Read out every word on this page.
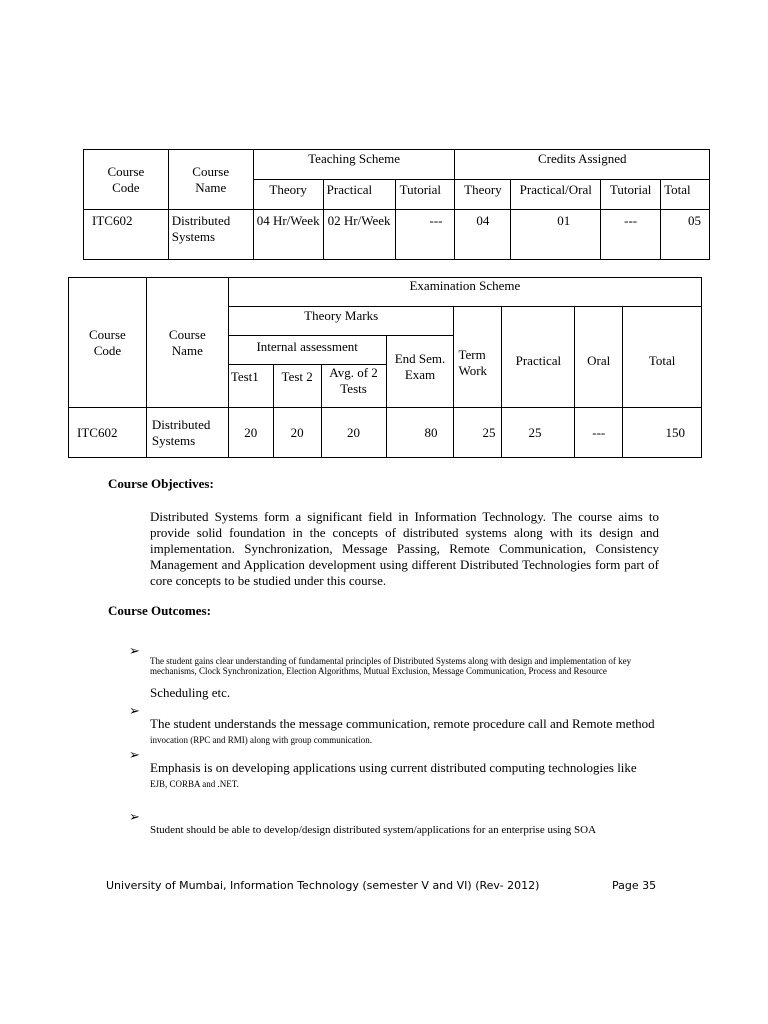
Course Code	Course Name	Teaching Scheme			Credits Assigned			
		Theory	Practical	Tutorial	Theory	Practical/Oral	Tutorial	Total
ITC602	Distributed Systems	04 Hr/Week	02 Hr/Week	---	04	01	---	05
Course Code	Course Name	Examination Scheme							
		Theory Marks				Term Work	Practical	Oral	Total
		Internal assessment			End Sem. Exam				

		Test1	Test 2	Avg. of 2 Tests					

ITC602	Distributed Systems	20	20	20	80	25	25	---	150
Course Objectives:
Distributed Systems form a significant field in Information Technology. The course aims to provide solid foundation in the concepts of distributed systems along with its design and implementation. Synchronization, Message Passing, Remote Communication, Consistency Management and Application development using different Distributed Technologies form part of core concepts to be studied under this course.
Course Outcomes:
➢
The student gains clear understanding of fundamental principles of Distributed Systems along with design and implementation of key mechanisms, Clock Synchronization, Election Algorithms, Mutual Exclusion, Message Communication, Process and Resource
Scheduling etc.
➢
The student understands the message communication, remote procedure call and Remote method
invocation (RPC and RMI) along with group communication.
➢
Emphasis is on developing applications using current distributed computing technologies like
EJB, CORBA and .NET.
➢
Student should be able to develop/design distributed system/applications for an enterprise using SOA
University of Mumbai, Information Technology (semester V and VI) (Rev- 2012)	Page 35
